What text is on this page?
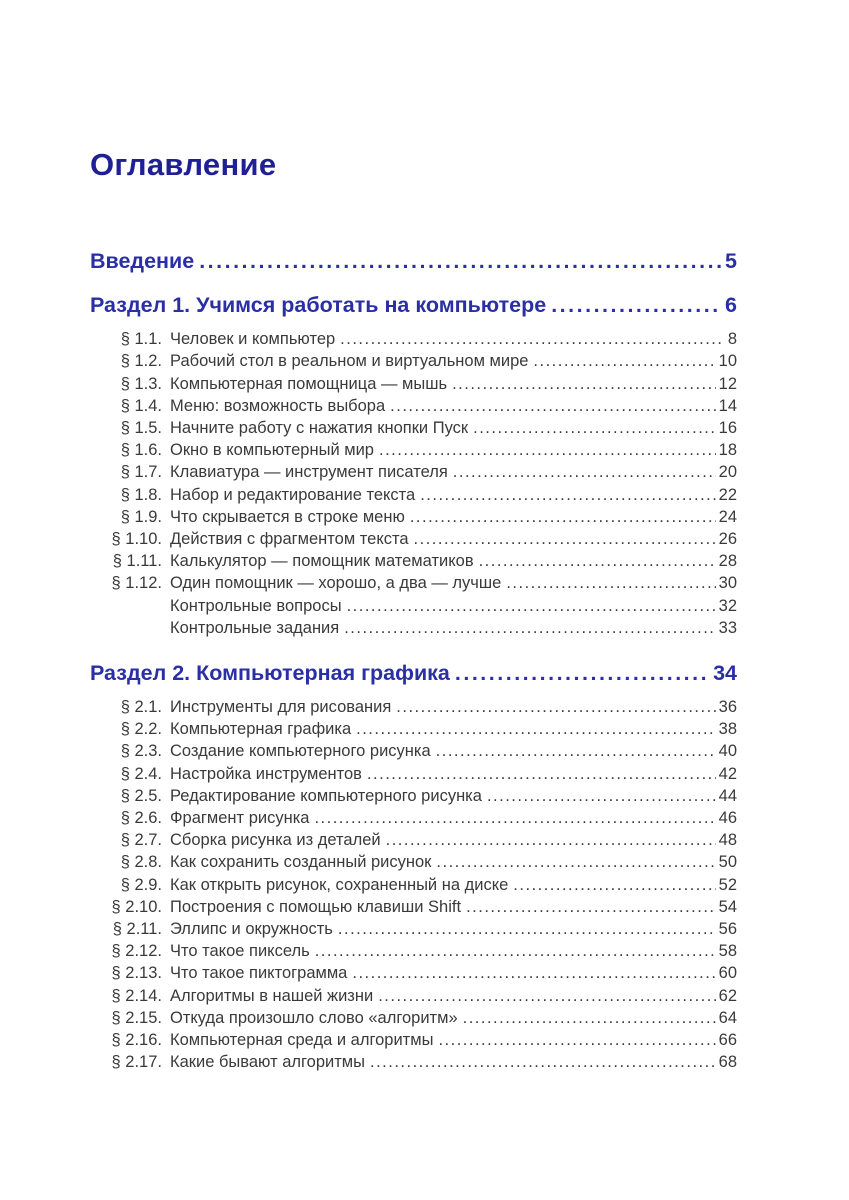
Оглавление
Введение .....	5
Раздел 1. Учимся работать на компьютере .....	6
§ 1.1. Человек и компьютер .....	8
§ 1.2. Рабочий стол в реальном и виртуальном мире .....	10
§ 1.3. Компьютерная помощница — мышь .....	12
§ 1.4. Меню: возможность выбора .....	14
§ 1.5. Начните работу с нажатия кнопки Пуск .....	16
§ 1.6. Окно в компьютерный мир .....	18
§ 1.7. Клавиатура — инструмент писателя .....	20
§ 1.8. Набор и редактирование текста .....	22
§ 1.9. Что скрывается в строке меню .....	24
§ 1.10. Действия с фрагментом текста .....	26
§ 1.11. Калькулятор — помощник математиков .....	28
§ 1.12. Один помощник — хорошо, а два — лучше .....	30
Контрольные вопросы .....	32
Контрольные задания .....	33
Раздел 2. Компьютерная графика .....	34
§ 2.1. Инструменты для рисования .....	36
§ 2.2. Компьютерная графика .....	38
§ 2.3. Создание компьютерного рисунка .....	40
§ 2.4. Настройка инструментов .....	42
§ 2.5. Редактирование компьютерного рисунка .....	44
§ 2.6. Фрагмент рисунка .....	46
§ 2.7. Сборка рисунка из деталей .....	48
§ 2.8. Как сохранить созданный рисунок .....	50
§ 2.9. Как открыть рисунок, сохраненный на диске .....	52
§ 2.10. Построения с помощью клавиши Shift .....	54
§ 2.11. Эллипс и окружность .....	56
§ 2.12. Что такое пиксель .....	58
§ 2.13. Что такое пиктограмма .....	60
§ 2.14. Алгоритмы в нашей жизни .....	62
§ 2.15. Откуда произошло слово «алгоритм» .....	64
§ 2.16. Компьютерная среда и алгоритмы .....	66
§ 2.17. Какие бывают алгоритмы .....	68
